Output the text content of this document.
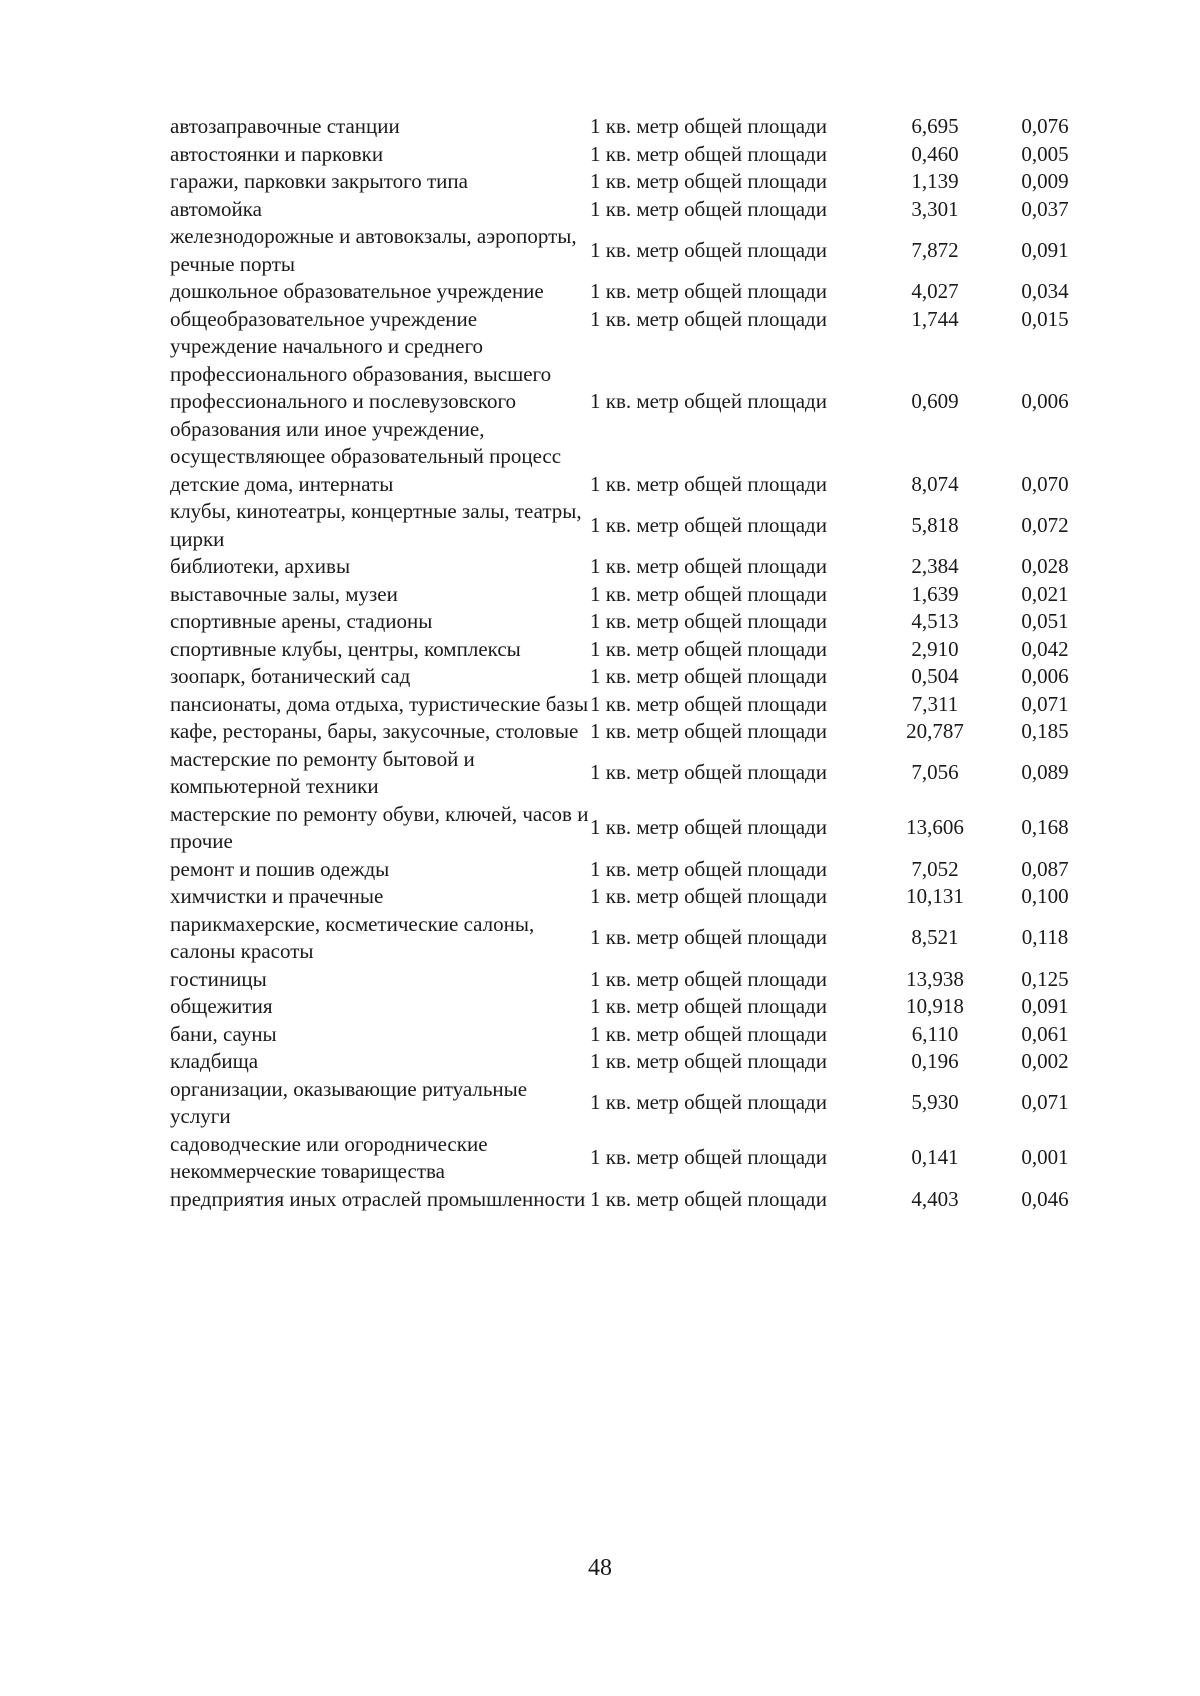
автозаправочные станции	1 кв. метр общей площади	6,695	0,076
автостоянки и парковки	1 кв. метр общей площади	0,460	0,005
гаражи, парковки закрытого типа	1 кв. метр общей площади	1,139	0,009
автомойка	1 кв. метр общей площади	3,301	0,037
железнодорожные и автовокзалы, аэропорты, речные порты	1 кв. метр общей площади	7,872	0,091
дошкольное образовательное учреждение	1 кв. метр общей площади	4,027	0,034
общеобразовательное учреждение	1 кв. метр общей площади	1,744	0,015
учреждение начального и среднего профессионального образования, высшего профессионального и послевузовского образования или иное учреждение, осуществляющее образовательный процесс	1 кв. метр общей площади	0,609	0,006
детские дома, интернаты	1 кв. метр общей площади	8,074	0,070
клубы, кинотеатры, концертные залы, театры, цирки	1 кв. метр общей площади	5,818	0,072
библиотеки, архивы	1 кв. метр общей площади	2,384	0,028
выставочные залы, музеи	1 кв. метр общей площади	1,639	0,021
спортивные арены, стадионы	1 кв. метр общей площади	4,513	0,051
спортивные клубы, центры, комплексы	1 кв. метр общей площади	2,910	0,042
зоопарк, ботанический сад	1 кв. метр общей площади	0,504	0,006
пансионаты, дома отдыха, туристические базы	1 кв. метр общей площади	7,311	0,071
кафе, рестораны, бары, закусочные, столовые	1 кв. метр общей площади	20,787	0,185
мастерские по ремонту бытовой и компьютерной техники	1 кв. метр общей площади	7,056	0,089
мастерские по ремонту обуви, ключей, часов и прочие	1 кв. метр общей площади	13,606	0,168
ремонт и пошив одежды	1 кв. метр общей площади	7,052	0,087
химчистки и прачечные	1 кв. метр общей площади	10,131	0,100
парикмахерские, косметические салоны, салоны красоты	1 кв. метр общей площади	8,521	0,118
гостиницы	1 кв. метр общей площади	13,938	0,125
общежития	1 кв. метр общей площади	10,918	0,091
бани, сауны	1 кв. метр общей площади	6,110	0,061
кладбища	1 кв. метр общей площади	0,196	0,002
организации, оказывающие ритуальные услуги	1 кв. метр общей площади	5,930	0,071
садоводческие или огороднические некоммерческие товарищества	1 кв. метр общей площади	0,141	0,001
предприятия иных отраслей промышленности	1 кв. метр общей площади	4,403	0,046
48
